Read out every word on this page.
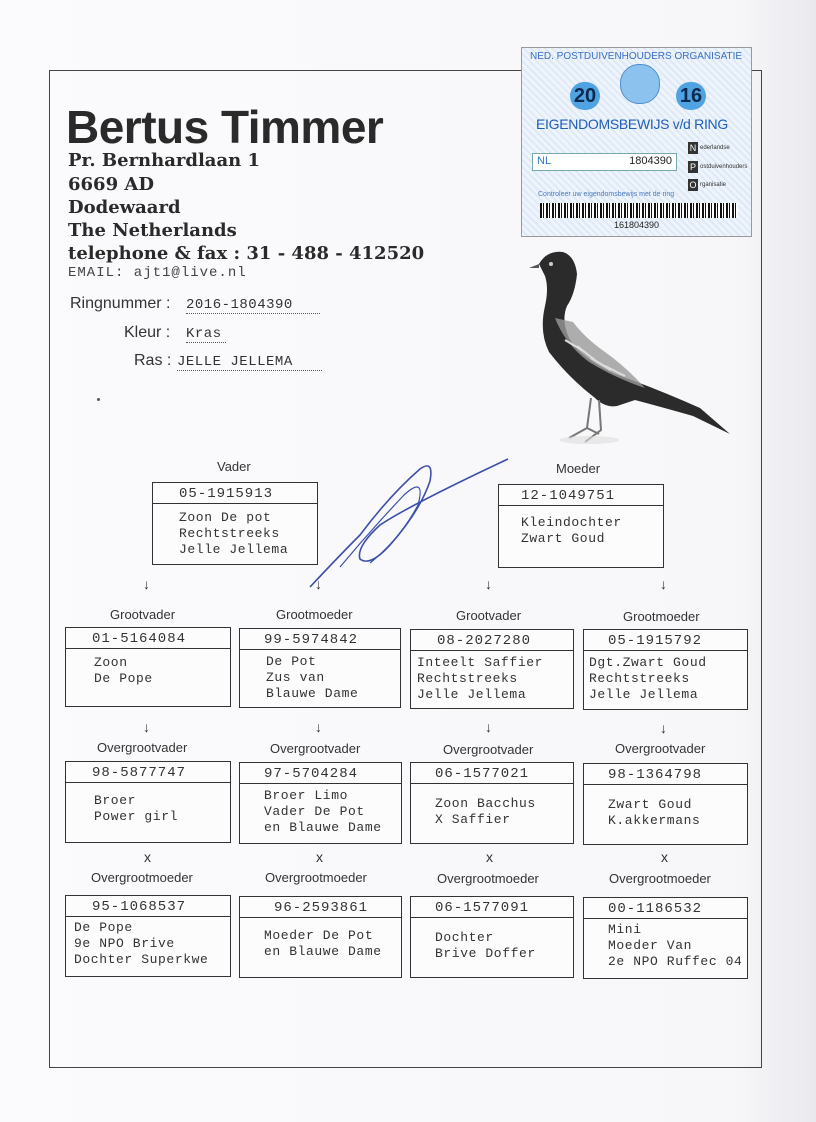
Bertus Timmer
Pr. Bernhardlaan 1
6669 AD
Dodewaard
The Netherlands
telephone & fax : 31 - 488 - 412520
EMAIL: ajt1@live.nl
Ringnummer : 2016-1804390
Kleur : Kras
Ras : JELLE JELLEMA
NED. POSTDUIVENHOUDERS ORGANISATIE
20	16
EIGENDOMSBEWIJS v/d RING
NL	1804390
N ederlandse
P ostduivenhouders
O rganisatie
Controleer uw eigendomsbewijs met de ring
161804390
Vader
05-1915913
Zoon De pot
Rechtstreeks
Jelle Jellema
Moeder
12-1049751
Kleindochter
Zwart Goud
↓	↓	↓	↓
Grootvader	Grootmoeder	Grootvader	Grootmoeder
01-5164084
Zoon
De Pope
99-5974842
De Pot
Zus van
Blauwe Dame
08-2027280
Inteelt Saffier
Rechtstreeks
Jelle Jellema
05-1915792
Dgt.Zwart Goud
Rechtstreeks
Jelle Jellema
↓	↓	↓	↓
Overgrootvader	Overgrootvader	Overgrootvader	Overgrootvader
98-5877747
Broer
Power girl
97-5704284
Broer Limo
Vader De Pot
en Blauwe Dame
06-1577021
Zoon Bacchus
X Saffier
98-1364798
Zwart Goud
K.akkermans
x	x	x	x
Overgrootmoeder	Overgrootmoeder	Overgrootmoeder	Overgrootmoeder
95-1068537
De Pope
9e NPO Brive
Dochter Superkwe
96-2593861
Moeder De Pot
en Blauwe Dame
06-1577091
Dochter
Brive Doffer
00-1186532
Mini
Moeder Van
2e NPO Ruffec 04
